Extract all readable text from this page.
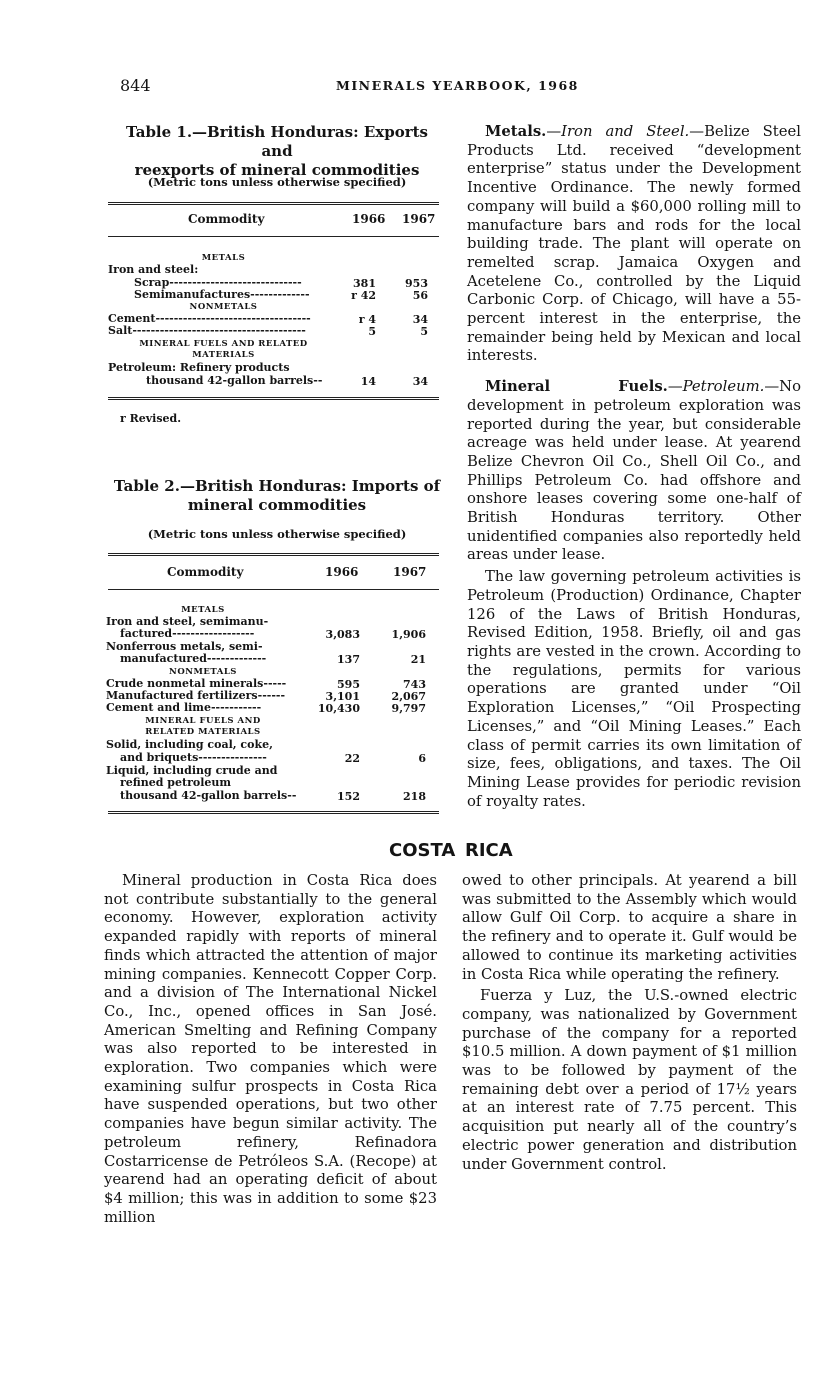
844	MINERALS YEARBOOK, 1968
Table 1.—British Honduras: Exports and
reexports of mineral commodities
(Metric tons unless otherwise specified)
Commodity	1966 1967
METALS
Iron and steel:
Scrap-----------------------------	381	953
Semimanufactures-------------	r 42	56
NONMETALS
Cement----------------------------------	r 4	34
Salt--------------------------------------	5	5
MINERAL FUELS AND RELATED
MATERIALS
Petroleum: Refinery products
thousand 42-gallon barrels--	14	34
r Revised.
Table 2.—British Honduras: Imports of
mineral commodities
(Metric tons unless otherwise specified)
Commodity	1966	1967
METALS
Iron and steel, semimanu-
factured------------------	3,083	1,906
Nonferrous metals, semi-
manufactured-------------	137	21
NONMETALS
Crude nonmetal minerals-----	595	743
Manufactured fertilizers------	3,101	2,067
Cement and lime-----------	10,430	9,797
MINERAL FUELS AND
RELATED MATERIALS
Solid, including coal, coke,
and briquets---------------	22	6
Liquid, including crude and
refined petroleum
thousand 42-gallon barrels--	152	218

Metals.—Iron and Steel.—Belize Steel Products Ltd. received “development enterprise” status under the Development Incentive Ordinance. The newly formed company will build a $60,000 rolling mill to manufacture bars and rods for the local building trade. The plant will operate on remelted scrap. Jamaica Oxygen and Acetelene Co., controlled by the Liquid Carbonic Corp. of Chicago, will have a 55-percent interest in the enterprise, the remainder being held by Mexican and local interests.

Mineral Fuels.—Petroleum.—No development in petroleum exploration was reported during the year, but considerable acreage was held under lease. At yearend Belize Chevron Oil Co., Shell Oil Co., and Phillips Petroleum Co. had offshore and onshore leases covering some one-half of British Honduras territory. Other unidentified companies also reportedly held areas under lease.

The law governing petroleum activities is Petroleum (Production) Ordinance, Chapter 126 of the Laws of British Honduras, Revised Edition, 1958. Briefly, oil and gas rights are vested in the crown. According to the regulations, permits for various operations are granted under “Oil Exploration Licenses,” “Oil Prospecting Licenses,” and “Oil Mining Leases.” Each class of permit carries its own limitation of size, fees, obligations, and taxes. The Oil Mining Lease provides for periodic revision of royalty rates.

COSTA RICA

Mineral production in Costa Rica does not contribute substantially to the general economy. However, exploration activity expanded rapidly with reports of mineral finds which attracted the attention of major mining companies. Kennecott Copper Corp. and a division of The International Nickel Co., Inc., opened offices in San José. American Smelting and Refining Company was also reported to be interested in exploration. Two companies which were examining sulfur prospects in Costa Rica have suspended operations, but two other companies have begun similar activity. The petroleum refinery, Refinadora Costarricense de Petróleos S.A. (Recope) at yearend had an operating deficit of about $4 million; this was in addition to some $23 million

owed to other principals. At yearend a bill was submitted to the Assembly which would allow Gulf Oil Corp. to acquire a share in the refinery and to operate it. Gulf would be allowed to continue its marketing activities in Costa Rica while operating the refinery.

Fuerza y Luz, the U.S.-owned electric company, was nationalized by Government purchase of the company for a reported $10.5 million. A down payment of $1 million was to be followed by payment of the remaining debt over a period of 17½ years at an interest rate of 7.75 percent. This acquisition put nearly all of the country’s electric power generation and distribution under Government control.
